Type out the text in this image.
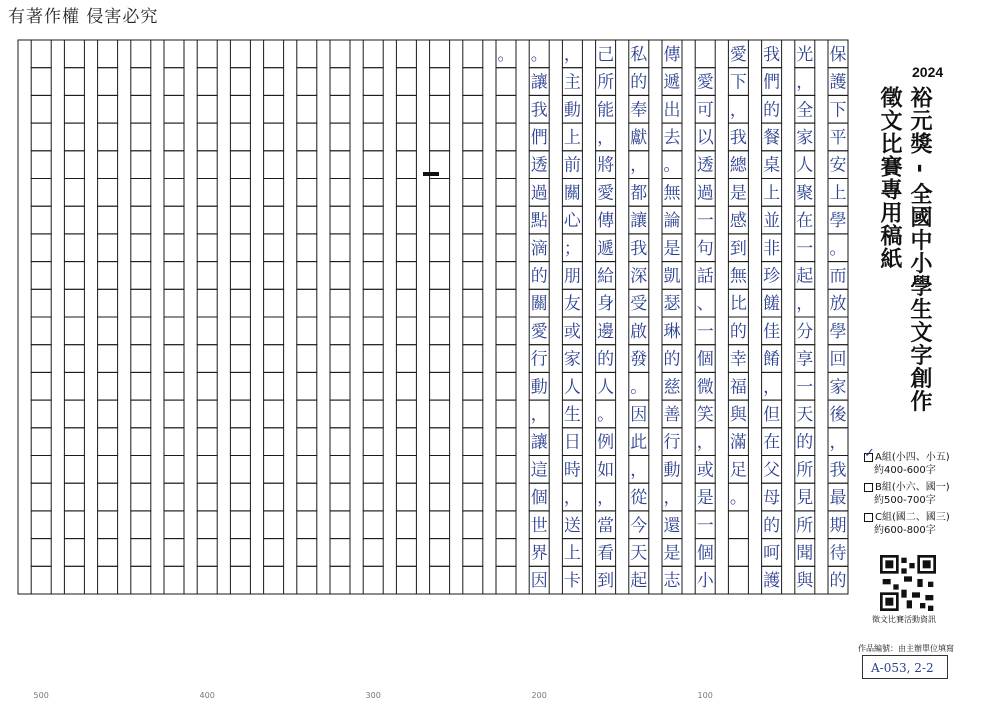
有著作權 侵害必究
保
護
下
平
安
上
學
。
而
放
學
回
家
後
，
我
最
期
待
的
光
，
全
家
人
聚
在
一
起
，
分
享
一
天
的
所
見
所
聞
與
我
們
的
餐
桌
上
並
非
珍
饈
佳
餚
，
但
在
父
母
的
呵
護
愛
下
，
我
總
是
感
到
無
比
的
幸
福
與
滿
足
。
愛
可
以
透
過
一
句
話
、
一
個
微
笑
，
或
是
一
個
小
傳
遞
出
去
。
無
論
是
凱
瑟
琳
的
慈
善
行
動
，
還
是
志
私
的
奉
獻
，
都
讓
我
深
受
啟
發
。
因
此
，
從
今
天
起
己
所
能
，
將
愛
傳
遞
給
身
邊
的
人
。
例
如
，
當
看
到
，
主
動
上
前
關
心
；
朋
友
或
家
人
生
日
時
，
送
上
卡
。
讓
我
們
透
過
點
滴
的
關
愛
行
動
，
讓
這
個
世
界
因
。
500	400	300	200	100
2024
裕元獎 - 全國中小學生文字創作
徵文比賽專用稿紙
✓A組(小四、小五)
約400-600字
B組(小六、國一)
約500-700字
C組(國二、國三)
約600-800字
徵文比賽活動資訊
作品編號：由主辦單位填寫
A-053, 2-2
